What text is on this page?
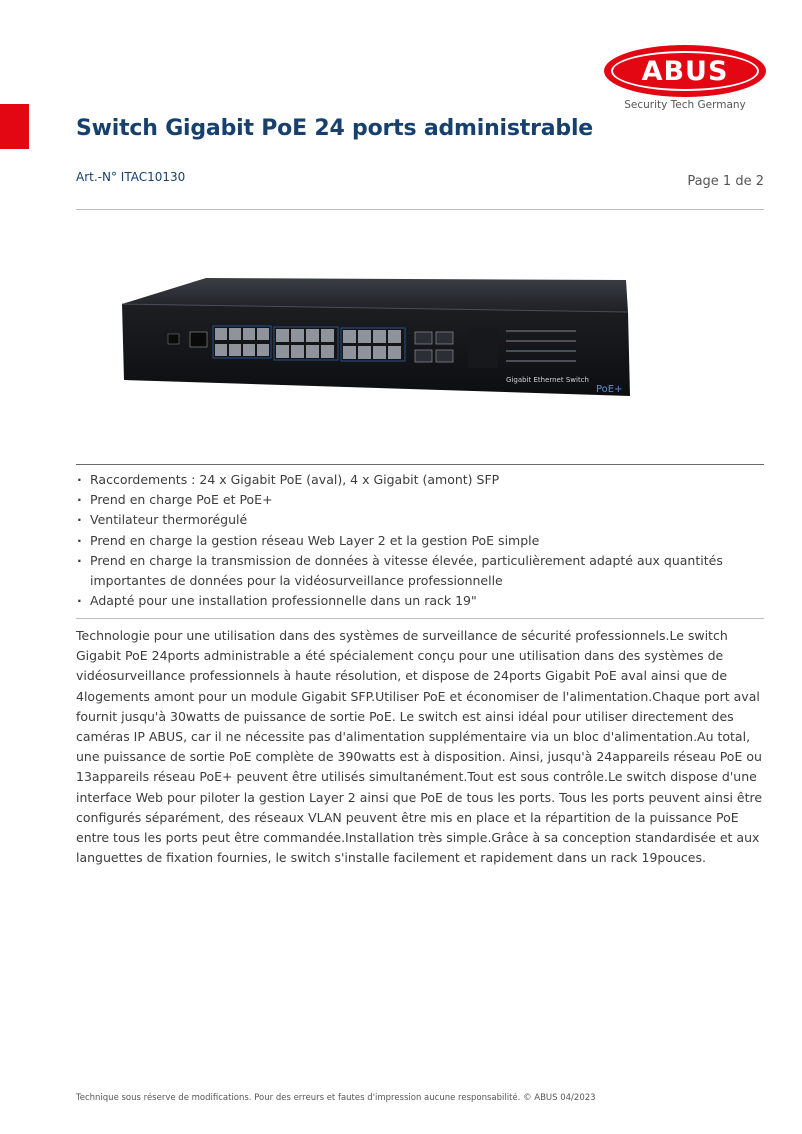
ABUS
Security Tech Germany
Switch Gigabit PoE 24 ports administrable
Art.-N° ITAC10130	Page 1 de 2
Gigabit Ethernet Switch
PoE+
· Raccordements : 24 x Gigabit PoE (aval), 4 x Gigabit (amont) SFP
· Prend en charge PoE et PoE+
· Ventilateur thermorégulé
· Prend en charge la gestion réseau Web Layer 2 et la gestion PoE simple
· Prend en charge la transmission de données à vitesse élevée, particulièrement adapté aux quantités importantes de données pour la vidéosurveillance professionnelle
· Adapté pour une installation professionnelle dans un rack 19"

Technologie pour une utilisation dans des systèmes de surveillance de sécurité professionnels.Le switch Gigabit PoE 24ports administrable a été spécialement conçu pour une utilisation dans des systèmes de vidéosurveillance professionnels à haute résolution, et dispose de 24ports Gigabit PoE aval ainsi que de 4logements amont pour un module Gigabit SFP.Utiliser PoE et économiser de l'alimentation.Chaque port aval fournit jusqu'à 30watts de puissance de sortie PoE. Le switch est ainsi idéal pour utiliser directement des caméras IP ABUS, car il ne nécessite pas d'alimentation supplémentaire via un bloc d'alimentation.Au total, une puissance de sortie PoE complète de 390watts est à disposition. Ainsi, jusqu'à 24appareils réseau PoE ou 13appareils réseau PoE+ peuvent être utilisés simultanément.Tout est sous contrôle.Le switch dispose d'une interface Web pour piloter la gestion Layer 2 ainsi que PoE de tous les ports. Tous les ports peuvent ainsi être configurés séparément, des réseaux VLAN peuvent être mis en place et la répartition de la puissance PoE entre tous les ports peut être commandée.Installation très simple.Grâce à sa conception standardisée et aux languettes de fixation fournies, le switch s'installe facilement et rapidement dans un rack 19pouces.

Technique sous réserve de modifications. Pour des erreurs et fautes d'impression aucune responsabilité. © ABUS 04/2023
